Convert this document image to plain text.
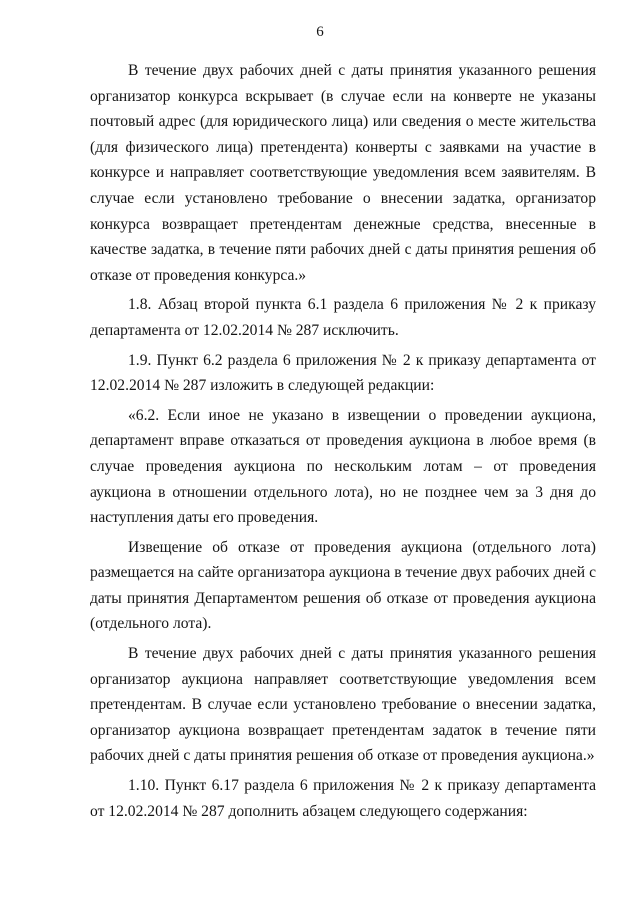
6

В течение двух рабочих дней с даты принятия указанного решения организатор конкурса вскрывает (в случае если на конверте не указаны почтовый адрес (для юридического лица) или сведения о месте жительства (для физического лица) претендента) конверты с заявками на участие в конкурсе и направляет соответствующие уведомления всем заявителям. В случае если установлено требование о внесении задатка, организатор конкурса возвращает претендентам денежные средства, внесенные в качестве задатка, в течение пяти рабочих дней с даты принятия решения об отказе от проведения конкурса.»

1.8. Абзац второй пункта 6.1 раздела 6 приложения № 2 к приказу департамента от 12.02.2014 № 287 исключить.

1.9. Пункт 6.2 раздела 6 приложения № 2 к приказу департамента от 12.02.2014 № 287 изложить в следующей редакции:

«6.2. Если иное не указано в извещении о проведении аукциона, департамент вправе отказаться от проведения аукциона в любое время (в случае проведения аукциона по нескольким лотам – от проведения аукциона в отношении отдельного лота), но не позднее чем за 3 дня до наступления даты его проведения.

Извещение об отказе от проведения аукциона (отдельного лота) размещается на сайте организатора аукциона в течение двух рабочих дней с даты принятия Департаментом решения об отказе от проведения аукциона (отдельного лота).

В течение двух рабочих дней с даты принятия указанного решения организатор аукциона направляет соответствующие уведомления всем претендентам. В случае если установлено требование о внесении задатка, организатор аукциона возвращает претендентам задаток в течение пяти рабочих дней с даты принятия решения об отказе от проведения аукциона.»

1.10. Пункт 6.17 раздела 6 приложения № 2 к приказу департамента от 12.02.2014 № 287 дополнить абзацем следующего содержания:
